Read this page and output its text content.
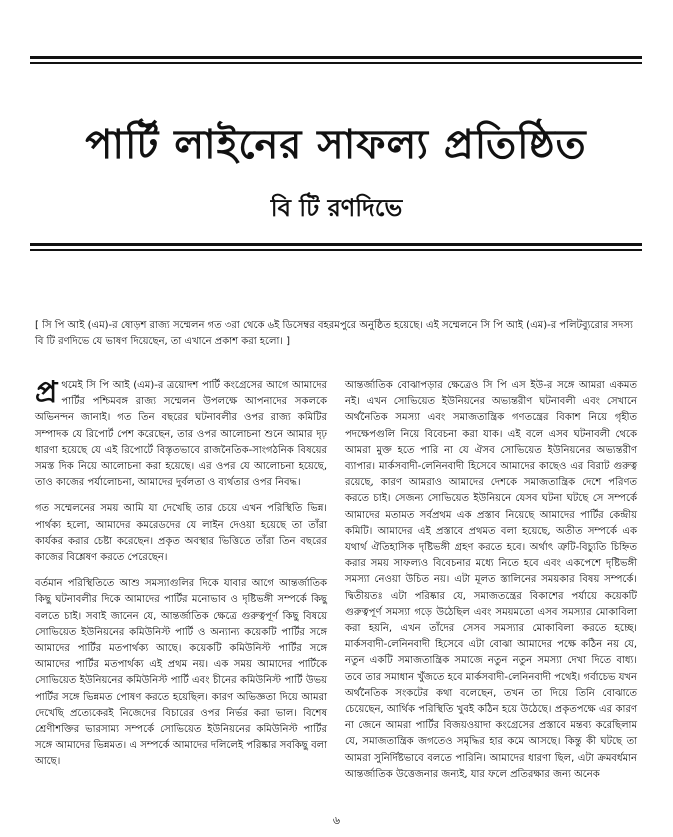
পার্টি লাইনের সাফল্য প্রতিষ্ঠিত
বি টি রণদিভে
[ সি পি আই (এম)-র ষোড়শ রাজ্য সম্মেলন গত ৩রা থেকে ৬ই ডিসেম্বর বহরমপুরে অনুষ্ঠিত হয়েছে। এই সম্মেলনে সি পি আই (এম)-র পলিটব্যুরোর সদস্য বি টি রণদিভে যে ভাষণ দিয়েছেন, তা এখানে প্রকাশ করা হলো। ]

প্র থমেই সি পি আই (এম)-র ত্রয়োদশ পার্টি কংগ্রেসের আগে আমাদের পার্টির পশ্চিমবঙ্গ রাজ্য সম্মেলন উপলক্ষে আপনাদের সকলকে অভিনন্দন জানাই। গত তিন বছরের ঘটনাবলীর ওপর রাজ্য কমিটির সম্পাদক যে রিপোর্ট পেশ করেছেন, তার ওপর আলোচনা শুনে আমার দৃঢ় ধারণা হয়েছে যে এই রিপোর্টে বিস্তৃতভাবে রাজনৈতিক-সাংগঠনিক বিষয়ের সমস্ত দিক নিয়ে আলোচনা করা হয়েছে। এর ওপর যে আলোচনা হয়েছে, তাও কাজের পর্যালোচনা, আমাদের দুর্বলতা ও ব্যর্থতার ওপর নিবদ্ধ।

গত সম্মেলনের সময় আমি যা দেখেছি তার চেয়ে এখন পরিস্থিতি ভিন্ন। পার্থক্য হলো, আমাদের কমরেডদের যে লাইন দেওয়া হয়েছে তা তাঁরা কার্যকর করার চেষ্টা করেছেন। প্রকৃত অবস্থার ভিত্তিতে তাঁরা তিন বছরের কাজের বিশ্লেষণ করতে পেরেছেন।

বর্তমান পরিস্থিতিতে আশু সমস্যাগুলির দিকে যাবার আগে আন্তর্জাতিক কিছু ঘটনাবলীর দিকে আমাদের পার্টির মনোভাব ও দৃষ্টিভঙ্গী সম্পর্কে কিছু বলতে চাই। সবাই জানেন যে, আন্তর্জাতিক ক্ষেত্রে গুরুত্বপূর্ণ কিছু বিষয়ে সোভিয়েত ইউনিয়নের কমিউনিস্ট পার্টি ও অন্যান্য কয়েকটি পার্টির সঙ্গে আমাদের পার্টির মতপার্থক্য আছে। কয়েকটি কমিউনিস্ট পার্টির সঙ্গে আমাদের পার্টির মতপার্থক্য এই প্রথম নয়। এক সময় আমাদের পার্টিকে সোভিয়েত ইউনিয়নের কমিউনিস্ট পার্টি এবং চীনের কমিউনিস্ট পার্টি উভয় পার্টির সঙ্গে ভিন্নমত পোষণ করতে হয়েছিল। কারণ অভিজ্ঞতা দিয়ে আমরা দেখেছি প্রত্যেকেরই নিজেদের বিচারের ওপর নির্ভর করা ভাল। বিশেষ শ্রেণীশক্তির ভারসাম্য সম্পর্কে সোভিয়েত ইউনিয়নের কমিউনিস্ট পার্টির সঙ্গে আমাদের ভিন্নমত। এ সম্পর্কে আমাদের দলিলেই পরিষ্কার সবকিছু বলা আছে।

আন্তর্জাতিক বোঝাপড়ার ক্ষেত্রেও সি পি এস ইউ-র সঙ্গে আমরা একমত নই। এখন সোভিয়েত ইউনিয়নের অভ্যন্তরীণ ঘটনাবলী এবং সেখানে অর্থনৈতিক সমস্যা এবং সমাজতান্ত্রিক গণতন্ত্রের বিকাশ নিয়ে গৃহীত পদক্ষেপগুলি নিয়ে বিবেচনা করা যাক। এই বলে এসব ঘটনাবলী থেকে আমরা মুক্ত হতে পারি না যে ঐসব সোভিয়েত ইউনিয়নের অভ্যন্তরীণ ব্যাপার। মার্কসবাদী-লেনিনবাদী হিসেবে আমাদের কাছেও এর বিরাট গুরুত্ব রয়েছে, কারণ আমরাও আমাদের দেশকে সমাজতান্ত্রিক দেশে পরিণত করতে চাই। সেজন্য সোভিয়েত ইউনিয়নে যেসব ঘটনা ঘটছে সে সম্পর্কে আমাদের মতামত সর্বপ্রথম এক প্রস্তাব নিয়েছে আমাদের পার্টির কেন্দ্রীয় কমিটি। আমাদের এই প্রস্তাবে প্রথমত বলা হয়েছে, অতীত সম্পর্কে এক যথার্থ ঐতিহাসিক দৃষ্টিভঙ্গী গ্রহণ করতে হবে। অর্থাৎ ত্রুটি-বিচ্যুতি চিহ্নিত করার সময় সাফল্যও বিবেচনার মধ্যে নিতে হবে এবং একপেশে দৃষ্টিভঙ্গী সমস্যা নেওয়া উচিত নয়। এটা মূলত স্তালিনের সময়কার বিষয় সম্পর্কে। দ্বিতীয়তঃ এটা পরিষ্কার যে, সমাজতন্ত্রের বিকাশের পর্যায়ে কয়েকটি গুরুত্বপূর্ণ সমস্যা গড়ে উঠেছিল এবং সময়মতো এসব সমস্যার মোকাবিলা করা হয়নি, এখন তাঁদের সেসব সমস্যার মোকাবিলা করতে হচ্ছে। মার্কসবাদী-লেনিনবাদী হিসেবে এটা বোঝা আমাদের পক্ষে কঠিন নয় যে, নতুন একটি সমাজতান্ত্রিক সমাজে নতুন নতুন সমস্যা দেখা দিতে বাধ্য। তবে তার সমাধান খুঁজতে হবে মার্কসবাদী-লেনিনবাদী পথেই। গর্বাচেভ যখন অর্থনৈতিক সংকটের কথা বলেছেন, তখন তা দিয়ে তিনি বোঝাতে চেয়েছেন, আর্থিক পরিস্থিতি খুবই কঠিন হয়ে উঠেছে। প্রকৃতপক্ষে এর কারণ না জেনে আমরা পার্টির বিজয়ওয়াদা কংগ্রেসের প্রস্তাবে মন্তব্য করেছিলাম যে, সমাজতান্ত্রিক জগতেও সমৃদ্ধির হার কমে আসছে। কিন্তু কী ঘটছে তা আমরা সুনির্দিষ্টভাবে বলতে পারিনি। আমাদের ধারণা ছিল, এটা ক্রমবর্ধমান আন্তর্জাতিক উত্তেজনার জন্যই, যার ফলে প্রতিরক্ষার জন্য অনেক

৬
